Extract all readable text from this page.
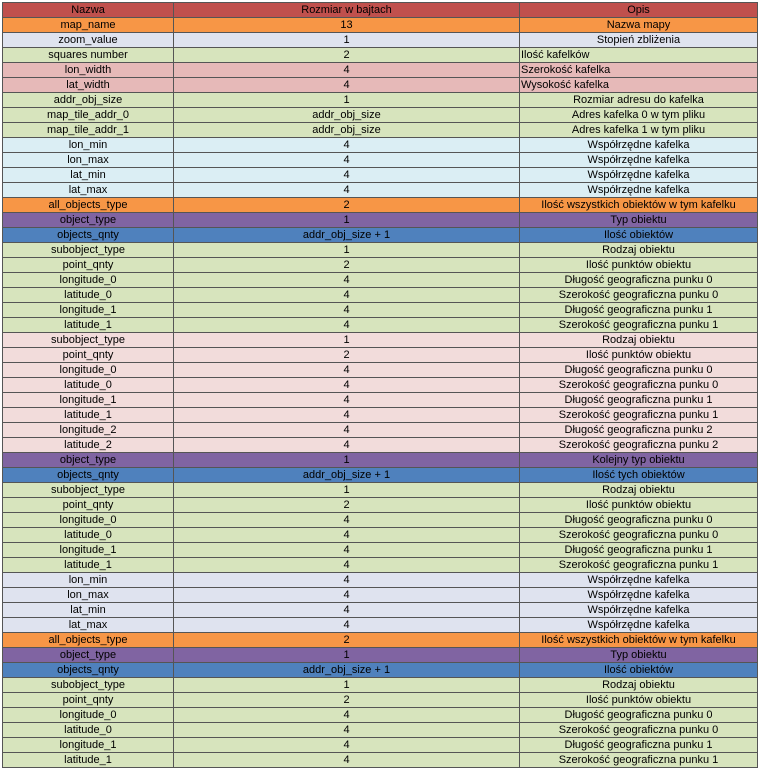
Nazwa	Rozmiar w bajtach	Opis
map_name	13	Nazwa mapy
zoom_value	1	Stopień zbliżenia
squares number	2	Ilość kafelków
lon_width	4	Szerokość kafelka
lat_width	4	Wysokość kafelka
addr_obj_size	1	Rozmiar adresu do kafelka
map_tile_addr_0	addr_obj_size	Adres kafelka 0 w tym pliku
map_tile_addr_1	addr_obj_size	Adres kafelka 1 w tym pliku
lon_min	4	Współrzędne kafelka
lon_max	4	Współrzędne kafelka
lat_min	4	Współrzędne kafelka
lat_max	4	Współrzędne kafelka
all_objects_type	2	Ilość wszystkich obiektów w tym kafelku
object_type	1	Typ obiektu
objects_qnty	addr_obj_size + 1	Ilość obiektów
subobject_type	1	Rodzaj obiektu
point_qnty	2	Ilość punktów obiektu
longitude_0	4	Długość geograficzna punku 0
latitude_0	4	Szerokość geograficzna punku 0
longitude_1	4	Długość geograficzna punku 1
latitude_1	4	Szerokość geograficzna punku 1
subobject_type	1	Rodzaj obiektu
point_qnty	2	Ilość punktów obiektu
longitude_0	4	Długość geograficzna punku 0
latitude_0	4	Szerokość geograficzna punku 0
longitude_1	4	Długość geograficzna punku 1
latitude_1	4	Szerokość geograficzna punku 1
longitude_2	4	Długość geograficzna punku 2
latitude_2	4	Szerokość geograficzna punku 2
object_type	1	Kolejny typ obiektu
objects_qnty	addr_obj_size + 1	Ilość tych obiektów
subobject_type	1	Rodzaj obiektu
point_qnty	2	Ilość punktów obiektu
longitude_0	4	Długość geograficzna punku 0
latitude_0	4	Szerokość geograficzna punku 0
longitude_1	4	Długość geograficzna punku 1
latitude_1	4	Szerokość geograficzna punku 1
lon_min	4	Współrzędne kafelka
lon_max	4	Współrzędne kafelka
lat_min	4	Współrzędne kafelka
lat_max	4	Współrzędne kafelka
all_objects_type	2	Ilość wszystkich obiektów w tym kafelku
object_type	1	Typ obiektu
objects_qnty	addr_obj_size + 1	Ilość obiektów
subobject_type	1	Rodzaj obiektu
point_qnty	2	Ilość punktów obiektu
longitude_0	4	Długość geograficzna punku 0
latitude_0	4	Szerokość geograficzna punku 0
longitude_1	4	Długość geograficzna punku 1
latitude_1	4	Szerokość geograficzna punku 1
